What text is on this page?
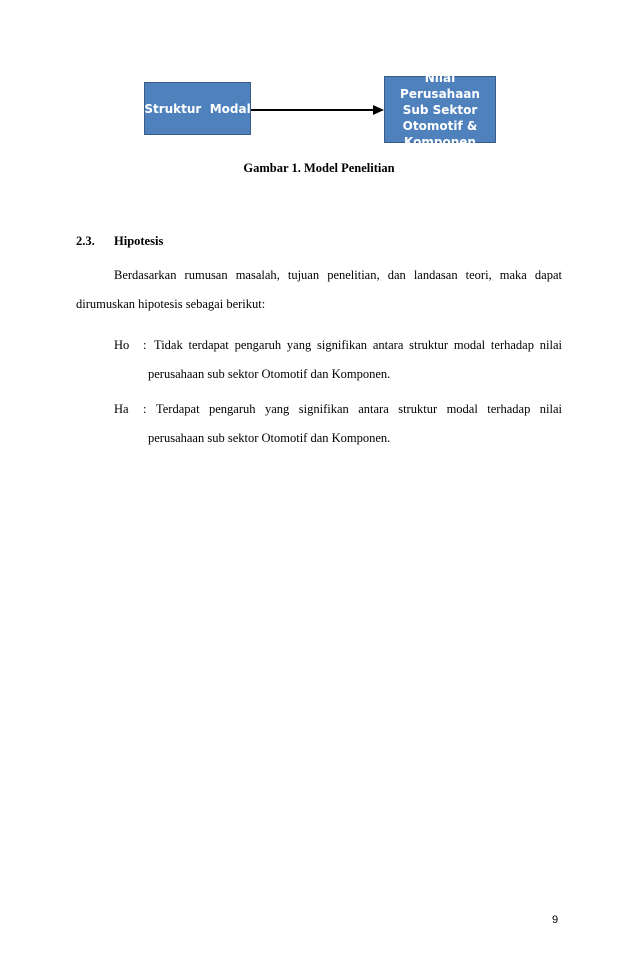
Struktur  Modal
Nilai Perusahaan
Sub Sektor
Otomotif &
Komponen
Gambar 1. Model Penelitian
2.3. Hipotesis
Berdasarkan rumusan masalah, tujuan penelitian, dan landasan teori, maka dapat
dirumuskan hipotesis sebagai berikut:
Ho : Tidak terdapat pengaruh yang signifikan antara struktur modal terhadap nilai
perusahaan sub sektor Otomotif dan Komponen.
Ha : Terdapat pengaruh yang signifikan antara struktur modal terhadap nilai
perusahaan sub sektor Otomotif dan Komponen.
9
